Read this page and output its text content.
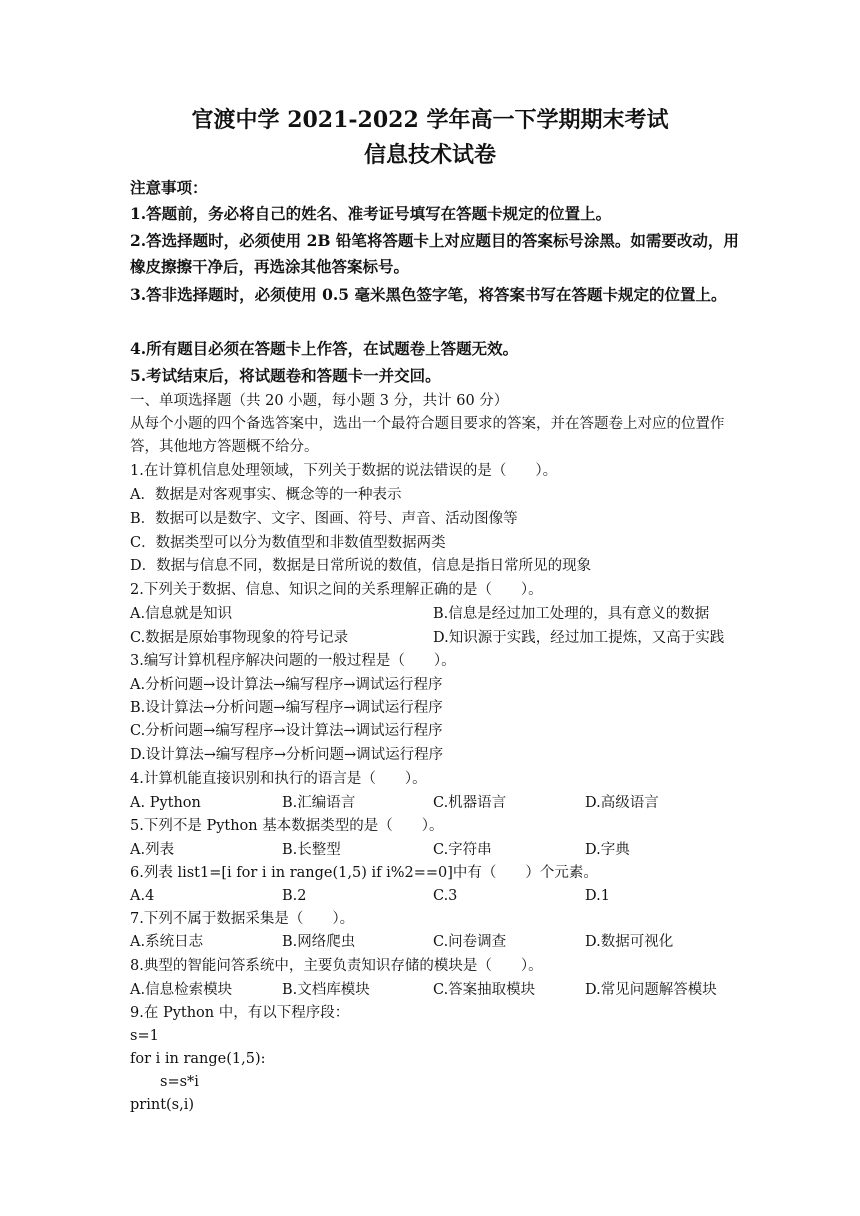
官渡中学 2021-2022 学年高一下学期期末考试
信息技术试卷
注意事项：
1.答题前，务必将自己的姓名、准考证号填写在答题卡规定的位置上。
2.答选择题时，必须使用 2B 铅笔将答题卡上对应题目的答案标号涂黑。如需要改动，用橡皮擦擦干净后，再选涂其他答案标号。
3.答非选择题时，必须使用 0.5 毫米黑色签字笔，将答案书写在答题卡规定的位置上。
4.所有题目必须在答题卡上作答，在试题卷上答题无效。
5.考试结束后，将试题卷和答题卡一并交回。
一、单项选择题（共 20 小题，每小题 3 分，共计 60 分）
从每个小题的四个备选答案中，选出一个最符合题目要求的答案，并在答题卷上对应的位置作答，其他地方答题概不给分。
1.在计算机信息处理领域，下列关于数据的说法错误的是（　　）。
A．数据是对客观事实、概念等的一种表示
B．数据可以是数字、文字、图画、符号、声音、活动图像等
C．数据类型可以分为数值型和非数值型数据两类
D．数据与信息不同，数据是日常所说的数值，信息是指日常所见的现象
2.下列关于数据、信息、知识之间的关系理解正确的是（　　）。
A.信息就是知识	B.信息是经过加工处理的，具有意义的数据
C.数据是原始事物现象的符号记录	D.知识源于实践，经过加工提炼，又高于实践
3.编写计算机程序解决问题的一般过程是（　　）。
A.分析问题→设计算法→编写程序→调试运行程序
B.设计算法→分析问题→编写程序→调试运行程序
C.分析问题→编写程序→设计算法→调试运行程序
D.设计算法→编写程序→分析问题→调试运行程序
4.计算机能直接识别和执行的语言是（　　）。
A. Python	B.汇编语言	C.机器语言	D.高级语言
5.下列不是 Python 基本数据类型的是（　　）。
A.列表	B.长整型	C.字符串	D.字典
6.列表 list1=[i for i in range(1,5) if i%2==0]中有（　　）个元素。
A.4	B.2	C.3	D.1
7.下列不属于数据采集是（　　）。
A.系统日志	B.网络爬虫	C.问卷调查	D.数据可视化
8.典型的智能问答系统中，主要负责知识存储的模块是（　　）。
A.信息检索模块	B.文档库模块	C.答案抽取模块	D.常见问题解答模块
9.在 Python 中，有以下程序段：
s=1
for i in range(1,5):
s=s*i
print(s,i)
